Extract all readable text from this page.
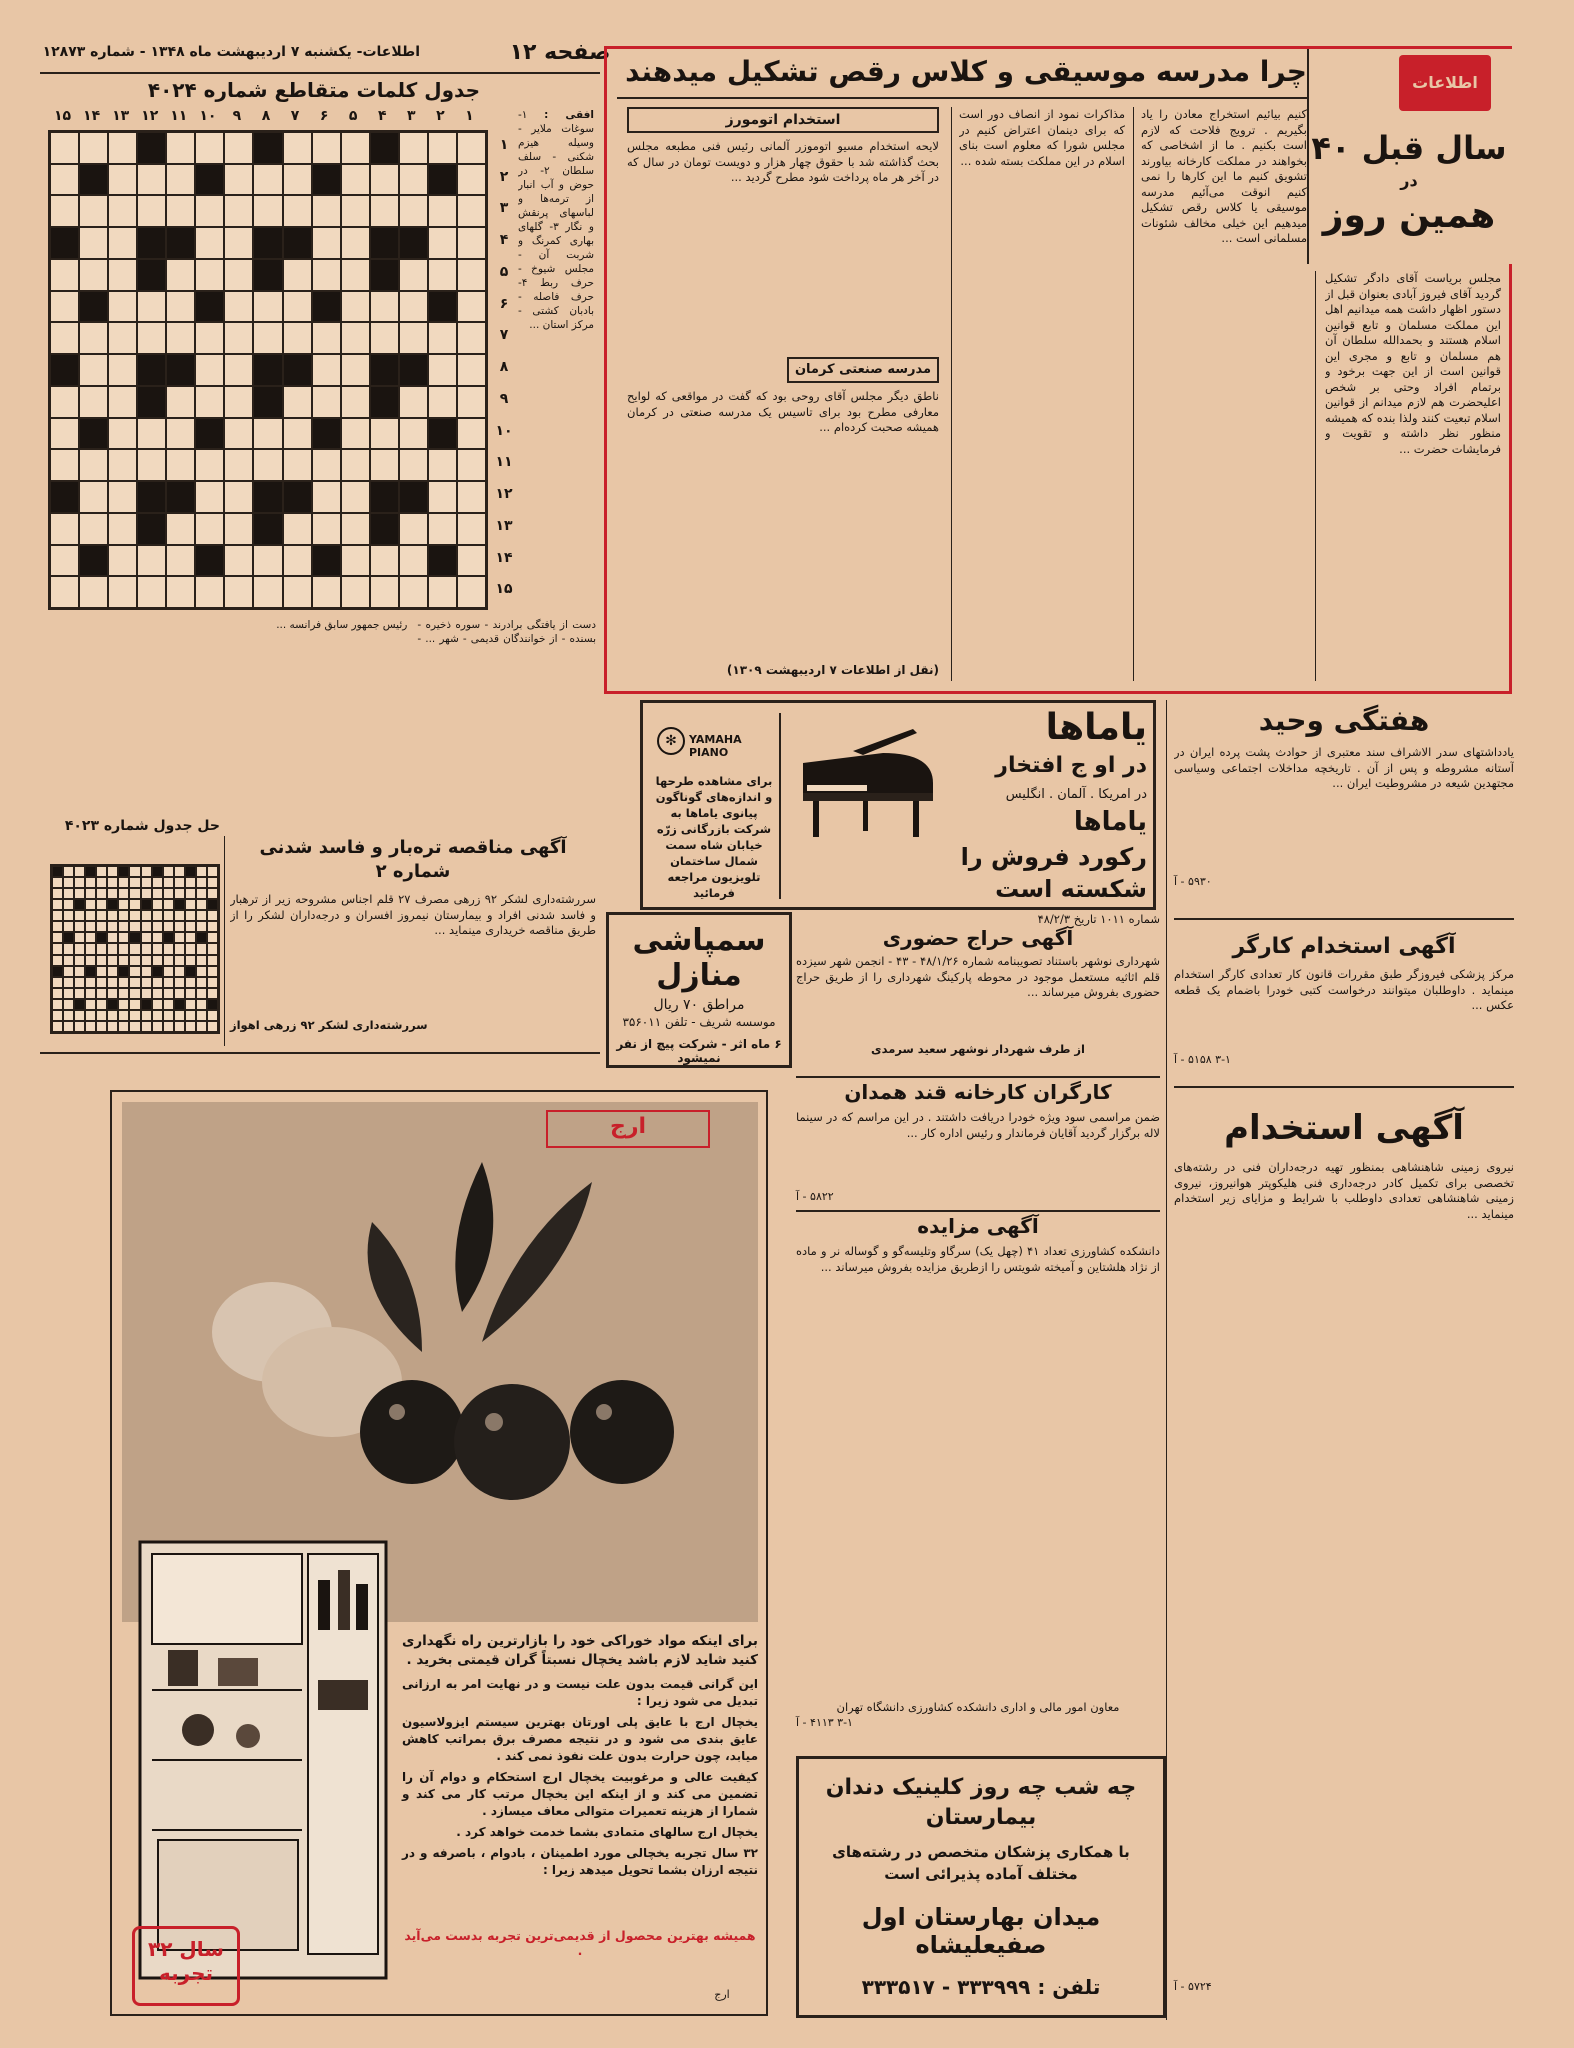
اطلاعات- یکشنبه ۷ اردیبهشت ماه ۱۳۴۸ - شماره ۱۲۸۷۳	صفحه ۱۲
چرا مدرسه موسیقی و کلاس رقص تشکیل میدهند	اطلاعات
۴۰ سال قبل
در
همین روز
مجلس بریاست آقای دادگر تشکیل گردید آقای فیروز آبادی بعنوان قبل از دستور اظهار داشت همه میدانیم اهل این مملکت مسلمان و تابع قوانین اسلام هستند و بحمدالله سلطان آن هم مسلمان و تابع و مجری این قوانین است از این جهت برخود و برتمام افراد وحتی بر شخص اعلیحضرت هم لازم میدانم از قوانین اسلام تبعیت کنند ولذا بنده که همیشه منظور نظر داشته و تقویت و فرمایشات حضرت ...
کنیم بیائیم استخراج معادن را یاد بگیریم . ترویج فلاحت که لازم است بکنیم . ما از اشخاصی که بخواهند در مملکت کارخانه بیاورند تشویق کنیم ما این کارها را نمی کنیم انوقت می‌آئیم مدرسه موسیقی یا کلاس رقص تشکیل میدهیم این خیلی مخالف شئونات مسلمانی است ...
مذاکرات نمود از انصاف دور است که برای دینمان اعتراض کنیم در مجلس شورا که معلوم است بنای اسلام در این مملکت بسته شده ...
استخدام اتومورز
لایحه استخدام مسیو اتوموزر آلمانی رئیس فنی مطبعه مجلس بحث گذاشته شد با حقوق چهار هزار و دویست تومان در سال که در آخر هر ماه پرداخت شود مطرح گردید ...
مدرسه صنعتی کرمان
ناطق دیگر مجلس آقای روحی بود که گفت در مواقعی که لوایح معارفی مطرح بود برای تاسیس یک مدرسه صنعتی در کرمان همیشه صحبت کرده‌ام ...
(نقل از اطلاعات ۷ اردیبهشت ۱۳۰۹)
جدول کلمات متقاطع شماره ۴۰۲۴
۱
۲
۳
۴
۵
۶
۷
۸
۹
۱۰
۱۱
۱۲
۱۳
۱۴
۱۵
۱
۲
۳
۴
۵
۶
۷
۸
۹
۱۰
۱۱
۱۲
۱۳
۱۴
۱۵
افقی : ۱- سوغات ملایر - وسیله هیزم شکنی - سلف سلطان ۲- در حوض و آب انبار از ترمه‌ها و لباسهای پرنقش و نگار ۳- گلهای بهاری کمرنگ و شربت آن - مجلس شیوخ - حرف ربط ۴- حرف فاصله - بادبان کشتی - مرکز استان ...
دست از یافتگی برادرند - سوره ذخیره - بسنده - از خوانندگان قدیمی - شهر ... - رئیس جمهور سابق فرانسه ...
حل جدول شماره ۴۰۲۳
آگهی مناقصه تره‌بار و فاسد شدنی شماره ۲
سررشته‌داری لشکر ۹۲ زرهی مصرف ۲۷ قلم اجناس مشروحه زیر از ترهبار و فاسد شدنی افراد و بیمارستان نیمروز افسران و درجه‌داران لشکر را از طریق مناقصه خریداری مینماید ...
سررشته‌داری لشکر ۹۲ زرهی اهواز
یاماها
در او ج افتخار
در امریکا . آلمان . انگلیس
یاماها
رکورد فروش را
شکسته است
✻	YAMAHA PIANO
برای مشاهده طرحها و اندازه‌های گوناگون پیانوی یاماها به شرکت بازرگانی زرّه خیابان شاه سمت شمال ساختمان تلویزیون مراجعه فرمائید
سمپاشی منازل
مراطق ۷۰ ریال
موسسه شریف - تلفن ۳۵۶۰۱۱
۶ ماه اثر - شرکت پیچ از نفر نمیشود
شماره ۱۰۱۱ تاریخ ۴۸/۲/۳
آگهی حراج حضوری
شهرداری نوشهر باستناد تصویبنامه شماره ۴۸/۱/۲۶ - ۴۳ - انجمن شهر سیزده قلم اثاثیه مستعمل موجود در محوطه پارکینگ شهرداری را از طریق حراج حضوری بفروش میرساند ...
از طرف شهردار نوشهر سعید سرمدی
کارگران کارخانه قند همدان
ضمن مراسمی سود ویژه خودرا دریافت داشتند . در این مراسم که در سینما لاله برگزار گردید آقایان فرماندار و رئیس اداره کار ...
۵۸۲۲ - آ
آگهی مزایده
دانشکده کشاورزی تعداد ۴۱ (چهل یک) سرگاو وتلیسه‌گو و گوساله نر و ماده از نژاد هلشتاین و آمیخته شویتس را ازطریق مزایده بفروش میرساند ...
معاون امور مالی و اداری دانشکده کشاورزی دانشگاه تهران
۳-۱ ۴۱۱۳ - آ
چه شب چه روز کلینیک دندان بیمارستان
با همکاری پزشکان متخصص در رشته‌های مختلف آماده پذیرائی است
میدان بهارستان اول صفیعلیشاه
تلفن : ۳۳۳۹۹۹ - ۳۳۳۵۱۷
هفتگی وحید
یادداشتهای سدر الاشراف سند معتبری از حوادث پشت پرده ایران در آستانه مشروطه و پس از آن . تاریخچه مداخلات اجتماعی وسیاسی مجتهدین شیعه در مشروطیت ایران ...
۵۹۳۰ - آ
آگهی استخدام کارگر
مرکز پزشکی فیروزگر طبق مقررات قانون کار تعدادی کارگر استخدام مینماید . داوطلبان میتوانند درخواست کتبی خودرا باضمام یک قطعه عکس ...
۳-۱ ۵۱۵۸ - آ
آگهی استخدام
نیروی زمینی شاهنشاهی بمنظور تهیه درجه‌داران فنی در رشته‌های تخصصی برای تکمیل کادر درجه‌داری فنی هلیکوپتر هوانیروز، نیروی زمینی شاهنشاهی تعدادی داوطلب با شرایط و مزایای زیر استخدام مینماید ...
۵۷۲۴ - آ
ارج

برای اینکه مواد خوراکی خود را بازارترین راه نگهداری کنید شاید لازم باشد یخچال نسبتاً گران قیمتی بخرید .

این گرانی قیمت بدون علت نیست و در نهایت امر به ارزانی تبدیل می شود زیرا :

یخچال ارج با عایق پلی اورتان بهترین سیستم ایزولاسیون عایق بندی می شود و در نتیجه مصرف برق بمراتب کاهش میابد، چون حرارت بدون علت نفوذ نمی کند .

کیفیت عالی و مرغوبیت یخچال ارج استحکام و دوام آن را تضمین می کند و از اینکه این یخچال مرتب کار می کند و شمارا از هزینه تعمیرات متوالی معاف میسازد .

یخچال ارج سالهای متمادی بشما خدمت خواهد کرد .

۳۲ سال تجربه یخچالی مورد اطمینان ، بادوام ، باصرفه و در نتیجه ارزان بشما تحویل میدهد زیرا :

همیشه بهترین محصول از قدیمی‌ترین تجربه بدست می‌آید .
۳۲ سال
تجربه
ارج
